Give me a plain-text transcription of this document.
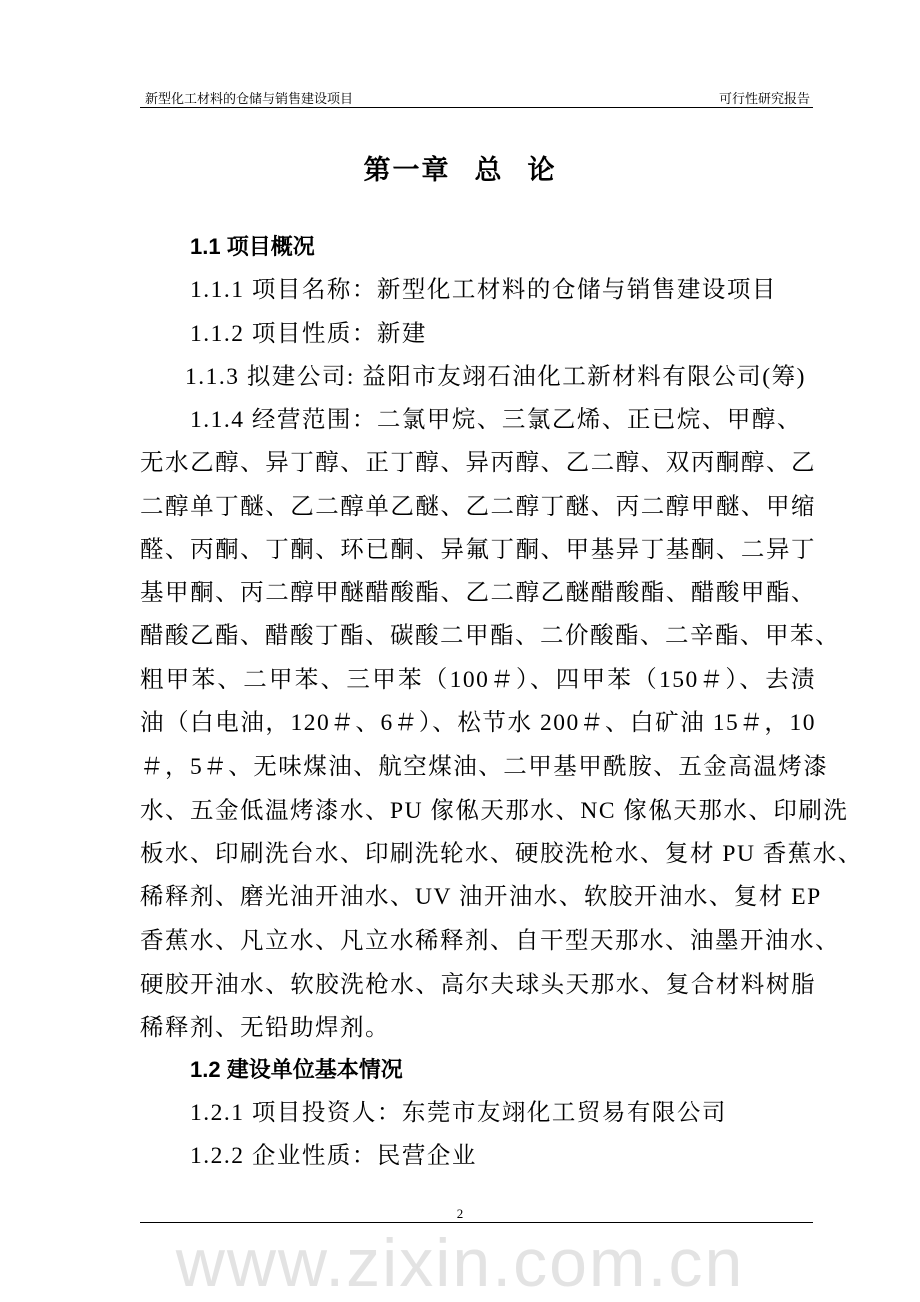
新型化工材料的仓储与销售建设项目	可行性研究报告
第一章 总 论
1.1 项目概况
1.1.1 项目名称：新型化工材料的仓储与销售建设项目
1.1.2 项目性质：新建
1.1.3 拟建公司: 益阳市友翊石油化工新材料有限公司(筹)
1.1.4 经营范围：二氯甲烷、三氯乙烯、正已烷、甲醇、
无水乙醇、异丁醇、正丁醇、异丙醇、乙二醇、双丙酮醇、乙
二醇单丁醚、乙二醇单乙醚、乙二醇丁醚、丙二醇甲醚、甲缩
醛、丙酮、丁酮、环已酮、异氟丁酮、甲基异丁基酮、二异丁
基甲酮、丙二醇甲醚醋酸酯、乙二醇乙醚醋酸酯、醋酸甲酯、
醋酸乙酯、醋酸丁酯、碳酸二甲酯、二价酸酯、二辛酯、甲苯、
粗甲苯、二甲苯、三甲苯（100＃）、四甲苯（150＃）、去渍
油（白电油，120＃、6＃）、松节水 200＃、白矿油 15＃，10
＃，5＃、无味煤油、航空煤油、二甲基甲酰胺、五金高温烤漆
水、五金低温烤漆水、PU 傢俬天那水、NC 傢俬天那水、印刷洗
板水、印刷洗台水、印刷洗轮水、硬胶洗枪水、复材 PU 香蕉水、
稀释剂、磨光油开油水、UV 油开油水、软胶开油水、复材 EP
香蕉水、凡立水、凡立水稀释剂、自干型天那水、油墨开油水、
硬胶开油水、软胶洗枪水、高尔夫球头天那水、复合材料树脂
稀释剂、无铅助焊剂。
1.2 建设单位基本情况
1.2.1 项目投资人：东莞市友翊化工贸易有限公司
1.2.2 企业性质：民营企业
2
www.zixin.com.cn
